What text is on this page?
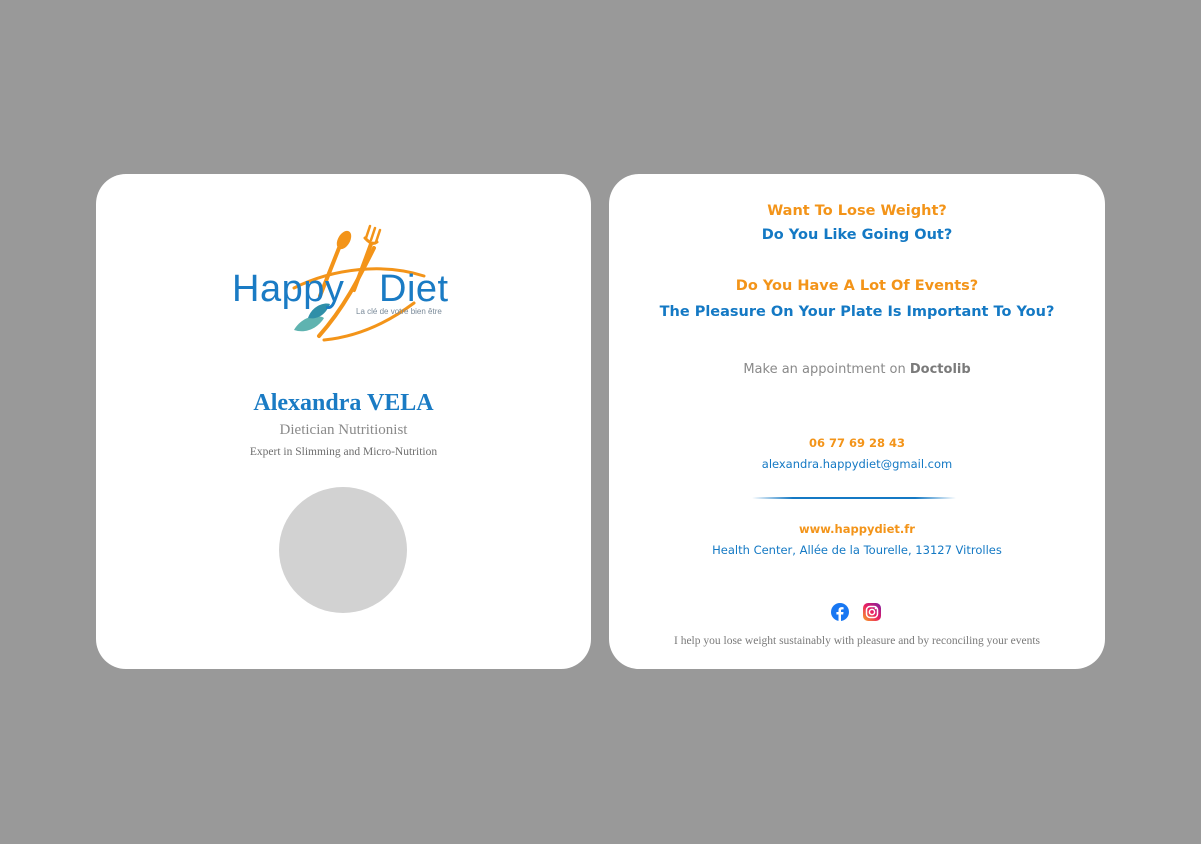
Happy Diet
La clé de votre bien être
Alexandra VELA
Dietician Nutritionist
Expert in Slimming and Micro-Nutrition
Want To Lose Weight?
Do You Like Going Out?
Do You Have A Lot Of Events?
The Pleasure On Your Plate Is Important To You?
Make an appointment on Doctolib
06 77 69 28 43
alexandra.happydiet@gmail.com
www.happydiet.fr
Health Center, Allée de la Tourelle, 13127 Vitrolles
I help you lose weight sustainably with pleasure and by reconciling your events
